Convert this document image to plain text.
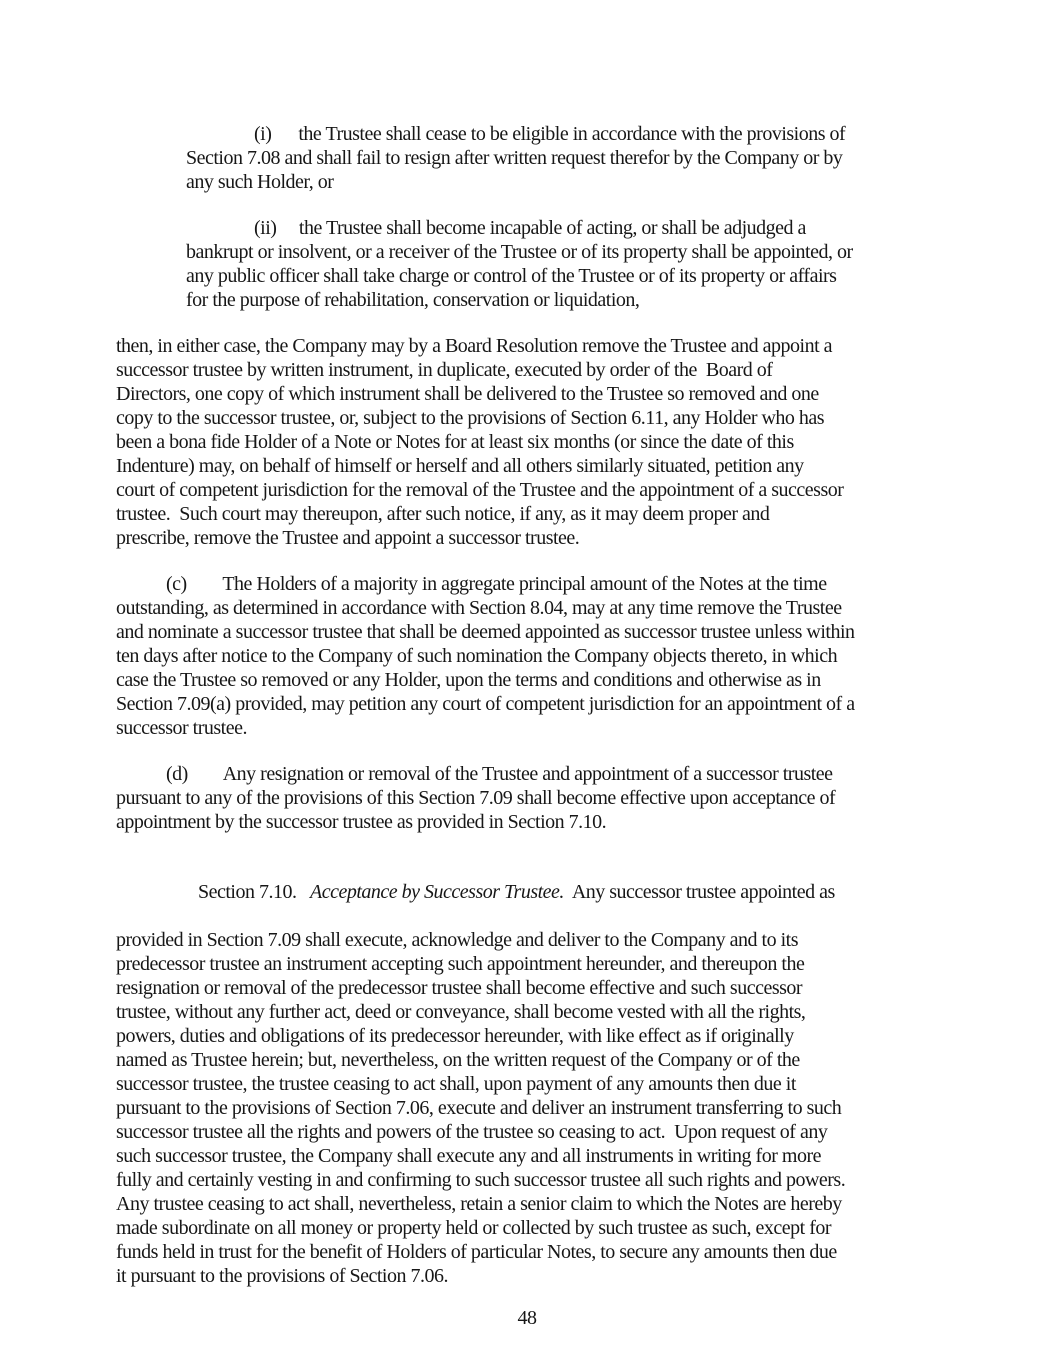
(i)      the Trustee shall cease to be eligible in accordance with the provisions of
Section 7.08 and shall fail to resign after written request therefor by the Company or by
any such Holder, or
(ii)     the Trustee shall become incapable of acting, or shall be adjudged a
bankrupt or insolvent, or a receiver of the Trustee or of its property shall be appointed, or
any public officer shall take charge or control of the Trustee or of its property or affairs
for the purpose of rehabilitation, conservation or liquidation,
then, in either case, the Company may by a Board Resolution remove the Trustee and appoint a
successor trustee by written instrument, in duplicate, executed by order of the  Board of
Directors, one copy of which instrument shall be delivered to the Trustee so removed and one
copy to the successor trustee, or, subject to the provisions of Section 6.11, any Holder who has
been a bona fide Holder of a Note or Notes for at least six months (or since the date of this
Indenture) may, on behalf of himself or herself and all others similarly situated, petition any
court of competent jurisdiction for the removal of the Trustee and the appointment of a successor
trustee.  Such court may thereupon, after such notice, if any, as it may deem proper and
prescribe, remove the Trustee and appoint a successor trustee.
(c)        The Holders of a majority in aggregate principal amount of the Notes at the time
outstanding, as determined in accordance with Section 8.04, may at any time remove the Trustee
and nominate a successor trustee that shall be deemed appointed as successor trustee unless within
ten days after notice to the Company of such nomination the Company objects thereto, in which
case the Trustee so removed or any Holder, upon the terms and conditions and otherwise as in
Section 7.09(a) provided, may petition any court of competent jurisdiction for an appointment of a
successor trustee.
(d)        Any resignation or removal of the Trustee and appointment of a successor trustee
pursuant to any of the provisions of this Section 7.09 shall become effective upon acceptance of
appointment by the successor trustee as provided in Section 7.10.

Section 7.10.   Acceptance by Successor Trustee.  Any successor trustee appointed as

provided in Section 7.09 shall execute, acknowledge and deliver to the Company and to its
predecessor trustee an instrument accepting such appointment hereunder, and thereupon the
resignation or removal of the predecessor trustee shall become effective and such successor
trustee, without any further act, deed or conveyance, shall become vested with all the rights,
powers, duties and obligations of its predecessor hereunder, with like effect as if originally
named as Trustee herein; but, nevertheless, on the written request of the Company or of the
successor trustee, the trustee ceasing to act shall, upon payment of any amounts then due it
pursuant to the provisions of Section 7.06, execute and deliver an instrument transferring to such
successor trustee all the rights and powers of the trustee so ceasing to act.  Upon request of any
such successor trustee, the Company shall execute any and all instruments in writing for more
fully and certainly vesting in and confirming to such successor trustee all such rights and powers.
Any trustee ceasing to act shall, nevertheless, retain a senior claim to which the Notes are hereby
made subordinate on all money or property held or collected by such trustee as such, except for
funds held in trust for the benefit of Holders of particular Notes, to secure any amounts then due
it pursuant to the provisions of Section 7.06.
48
